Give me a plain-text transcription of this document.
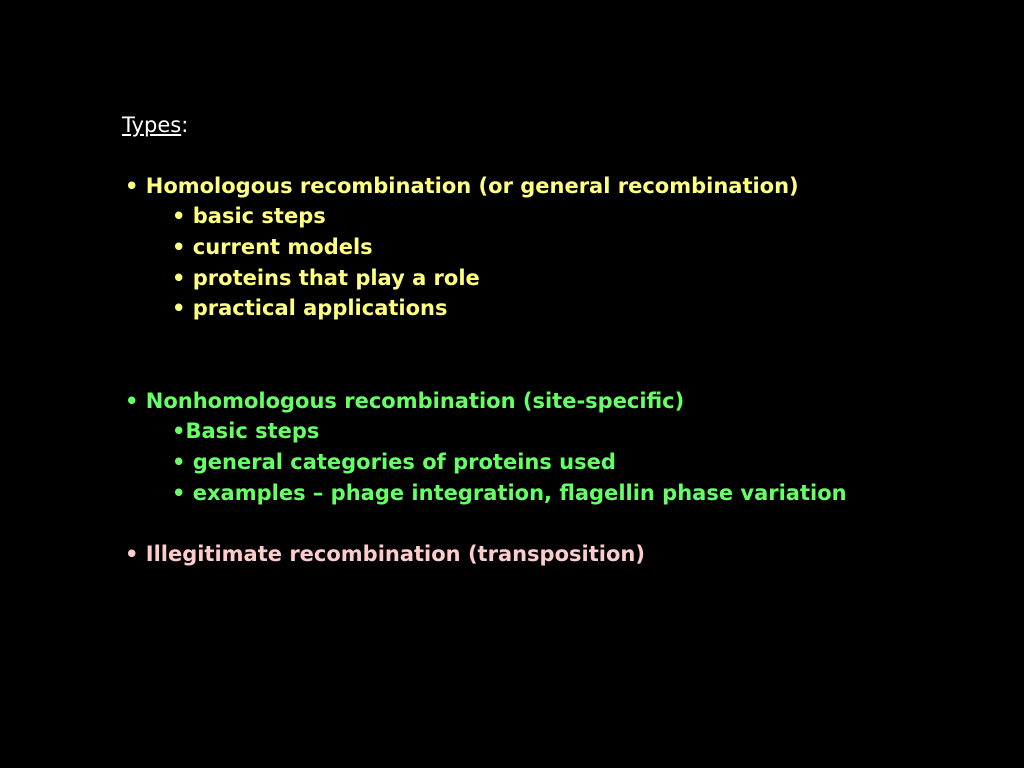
Types:
• Homologous recombination (or general recombination)
• basic steps
• current models
• proteins that play a role
• practical applications
• Nonhomologous recombination (site-specific)
•Basic steps
• general categories of proteins used
• examples – phage integration, flagellin phase variation
• Illegitimate recombination (transposition)
